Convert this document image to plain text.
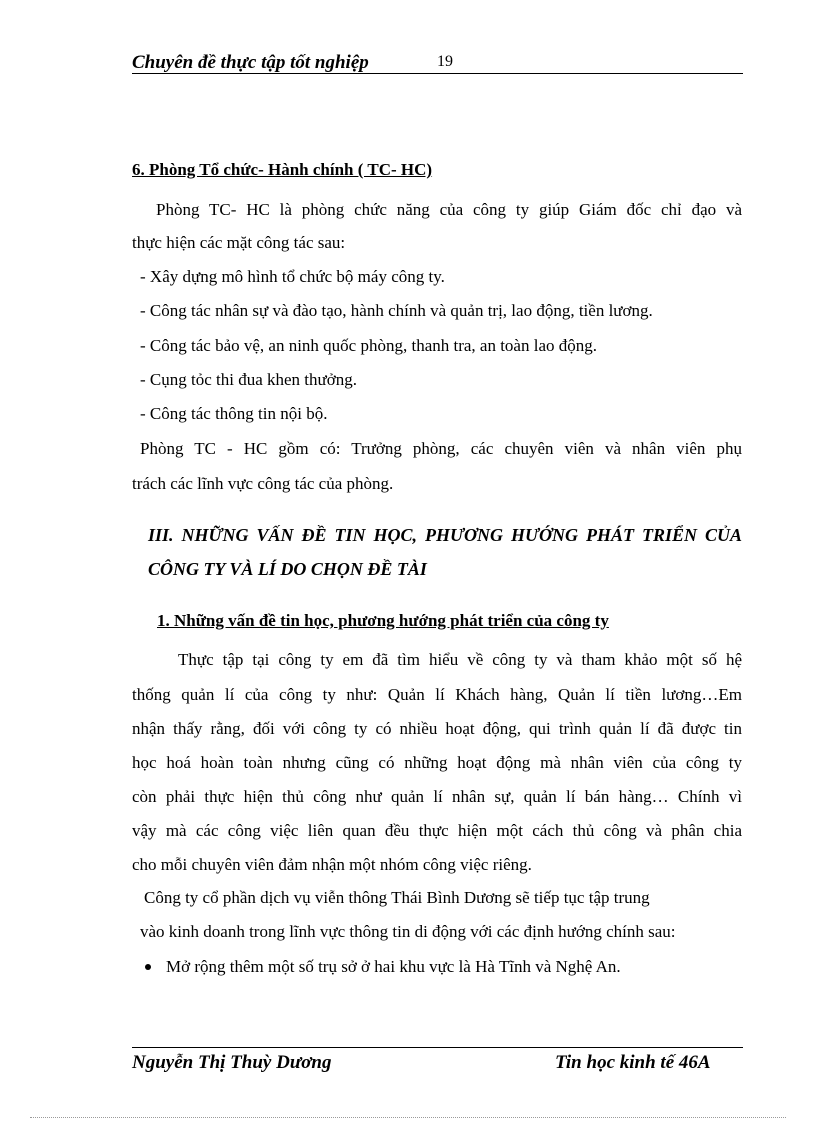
Chuyên đề thực tập tốt nghiệp	19
6. Phòng Tổ chức- Hành chính ( TC- HC)
Phòng TC- HC là phòng chức năng của công ty giúp Giám đốc chỉ đạo và
thực hiện các mặt công tác sau:
- Xây dựng mô hình tổ chức bộ máy công ty.
- Công tác nhân sự và đào tạo, hành chính và quản trị, lao động, tiền lương.
- Công tác bảo vệ, an ninh quốc phòng, thanh tra, an toàn lao động.
- Cụng tỏc thi đua khen thưởng.
- Công tác thông tin nội bộ.
Phòng TC - HC gồm có: Trưởng phòng, các chuyên viên và nhân viên phụ
trách các lĩnh vực công tác của phòng.
III. NHỮNG VẤN ĐỀ TIN HỌC, PHƯƠNG HƯỚNG PHÁT TRIỂN CỦA
CÔNG TY VÀ LÍ DO CHỌN ĐỀ TÀI
1. Những vấn đề tin học, phương hướng phát triển của công ty
Thực tập tại công ty em đã tìm hiểu về công ty và tham khảo một số hệ
thống quản lí của công ty như: Quản lí Khách hàng, Quản lí tiền lương…Em
nhận thấy rằng, đối với công ty có nhiều hoạt động, qui trình quản lí đã được tin
học hoá hoàn toàn nhưng cũng có những hoạt động mà nhân viên của công ty
còn phải thực hiện thủ công như quản lí nhân sự, quản lí bán hàng… Chính vì
vậy mà các công việc liên quan đều thực hiện một cách thủ công và phân chia
cho mỗi chuyên viên đảm nhận một nhóm công việc riêng.
Công ty cổ phần dịch vụ viễn thông Thái Bình Dương sẽ tiếp tục tập trung
vào kinh doanh trong lĩnh vực thông tin di động với các định hướng chính sau:
Mở rộng thêm một số trụ sở ở hai khu vực là Hà Tĩnh và Nghệ An.
Nguyễn Thị Thuỳ Dương	Tin học kinh tế 46A
